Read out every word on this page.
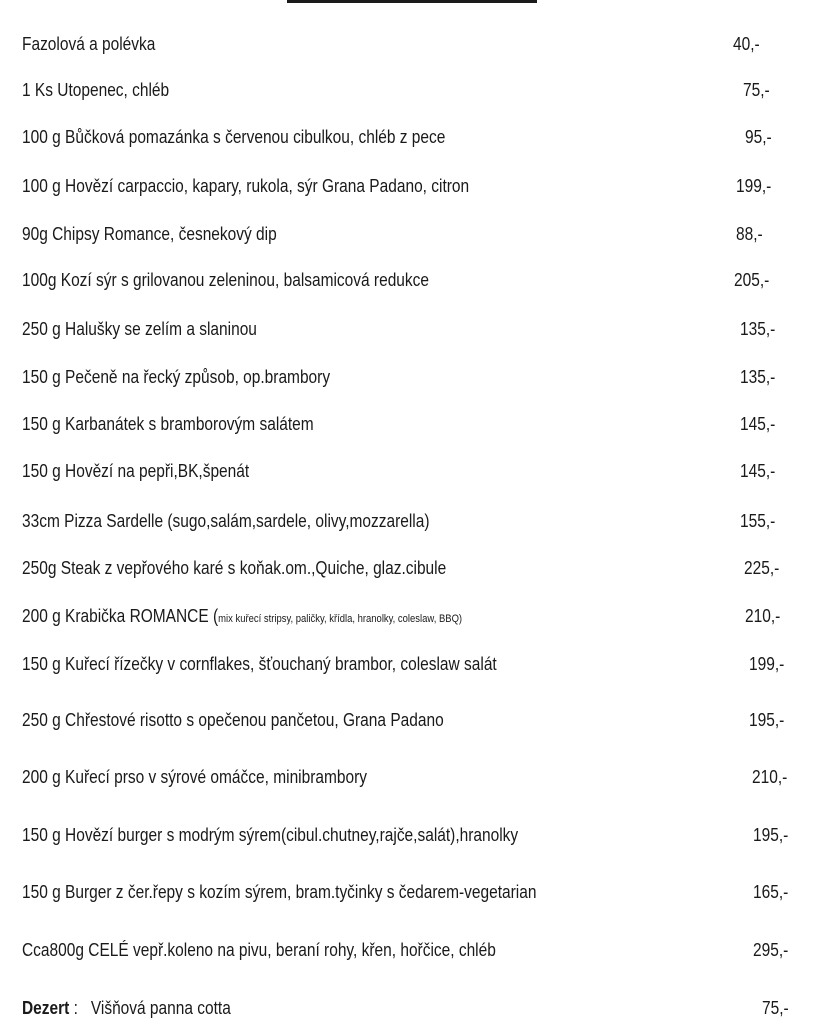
Fazolová a polévka	40,-
1 Ks Utopenec, chléb	75,-
100 g Bůčková pomazánka s červenou cibulkou, chléb z pece	95,-
100 g Hovězí carpaccio, kapary, rukola, sýr Grana Padano, citron	199,-
90g Chipsy Romance, česnekový dip	88,-
100g Kozí sýr s grilovanou zeleninou, balsamicová redukce	205,-
250 g Halušky se zelím a slaninou	135,-
150 g Pečeně na řecký způsob, op.brambory	135,-
150 g Karbanátek s bramborovým salátem	145,-
150 g Hovězí na pepři,BK,špenát	145,-
33cm Pizza Sardelle (sugo,salám,sardele, olivy,mozzarella)	155,-
250g Steak z vepřového karé s koňak.om.,Quiche, glaz.cibule	225,-
200 g Krabička ROMANCE (mix kuřecí stripsy, paličky, křídla, hranolky, coleslaw, BBQ)	210,-
150 g Kuřecí řízečky v cornflakes, šťouchaný brambor, coleslaw salát	199,-
250 g Chřestové risotto s opečenou pančetou, Grana Padano	195,-
200 g Kuřecí prso v sýrové omáčce, minibrambory	210,-
150 g Hovězí burger s modrým sýrem(cibul.chutney,rajče,salát),hranolky	195,-
150 g Burger z čer.řepy s kozím sýrem, bram.tyčinky s čedarem-vegetarian	165,-
Cca800g CELÉ vepř.koleno na pivu, beraní rohy, křen, hořčice, chléb	295,-
Dezert :   Višňová panna cotta	75,-
